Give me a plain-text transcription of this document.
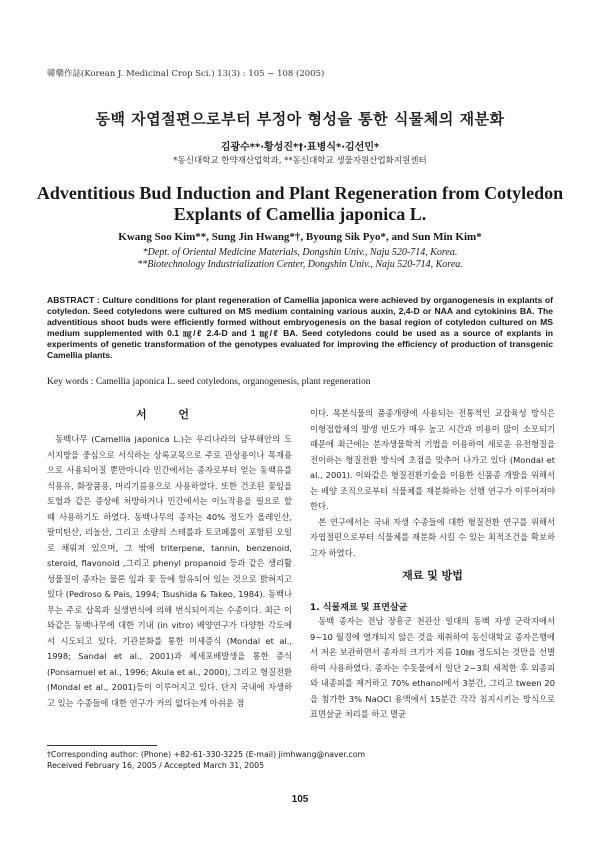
韓藥作誌(Korean J. Medicinal Crop Sci.) 13(3) : 105 − 108 (2005)
동백 자엽절편으로부터 부정아 형성을 통한 식물체의 재분화
김광수**·황성진*†·표병식*·김선민*
*동신대학교 한약재산업학과, **동신대학교 생물자원산업화지원센터
Adventitious Bud Induction and Plant Regeneration from Cotyledon
Explants of Camellia japonica L.
Kwang Soo Kim**, Sung Jin Hwang*†, Byoung Sik Pyo*, and Sun Min Kim*
*Dept. of Oriental Medicine Materials, Dongshin Univ., Naju 520-714, Korea.
**Biotechnology Industrialization Center, Dongshin Univ., Naju 520-714, Korea.
ABSTRACT : Culture conditions for plant regeneration of Camellia japonica were achieved by organogenesis in explants of cotyledon. Seed cotyledons were cultured on MS medium containing various auxin, 2,4-D or NAA and cytokinins BA. The adventitious shoot buds were efficiently formed without embryogenesis on the basal region of cotyledon cultured on MS medium supplemented with 0.1 ㎎/ℓ 2.4-D and 1 ㎎/ℓ BA. Seed cotyledons could be used as a source of explants in experiments of genetic transformation of the genotypes evaluated for improving the efficiency of production of transgenic Camellia plants.
Key words : Camellia japonica L. seed cotyledons, organogenesis, plant regeneration
서 언

동백나무 (Camellia japonica L.)는 우리나라의 남부해안의 도서지방을 중심으로 서식하는 상록교목으로 주로 관상용이나 목재용으로 사용되어질 뿐만아니라 민간에서는 종자로부터 얻는 동백유를 식용유, 화장품용, 머리기름용으로 사용하였다. 또한 건조된 꽃잎을 토혈과 같은 증상에 처방하거나 민간에서는 이뇨작용을 필요로 할 때 사용하기도 하였다. 동백나무의 종자는 40% 정도가 올레인산, 팔미틴산, 리놀산, 그리고 소량의 스테롤과 토코페롤이 포함된 오일로 채워져 있으며, 그 밖에 triterpene, tannin, benzenoid, steroid, flavonoid ,그리고 phenyl propanoid 등과 같은 생리활성물질이 종자는 물론 잎과 꽃 등에 함유되어 있는 것으로 밝혀지고 있다 (Pedroso & Pais, 1994; Tsushida & Takeo, 1984). 동백나무는 주로 삽목과 실생번식에 의해 번식되어지는 수종이다. 최근 이와같은 동백나무에 대한 기내 (in vitro) 배양연구가 다양한 각도에서 시도되고 있다. 기관분화를 통한 미세증식 (Mondal et al., 1998; Sandal et al., 2001)과 체세포배발생을 통한 증식 (Ponsamuel et al., 1996; Akula et al., 2000), 그리고 형질전환 (Mondal et al., 2001)등이 이루어지고 있다. 단지 국내에 자생하고 있는 수종들에 대한 연구가 거의 없다는게 아쉬운 점

이다. 목본식물의 품종개량에 사용되는 전통적인 교잡육성 방식은 이형접합체의 발생 빈도가 매우 높고 시간과 비용이 많이 소모되기 때문에 최근에는 분자생물학적 기법을 이용하여 새로운 유전형질을 전이하는 형질전환 방식에 초점을 맞추어 나가고 있다 (Mondal et al., 2001). 이와같은 형질전환기술을 이용한 신품종 개발을 위해서는 배양 조직으로부터 식물체를 재분화하는 선행 연구가 이루어져야 한다.

본 연구에서는 국내 자생 수종들에 대한 형질전환 연구를 위해서 자엽절편으로부터 식물체를 재분화 시킬 수 있는 최적조건을 확보하고자 하였다.

재료 및 방법
1. 식물재료 및 표면살균

동백 종자는 전남 장흥군 천관산 일대의 동백 자생 군락지에서 9~10 월경에 열개되지 않은 것을 채취하여 동신대학교 종자은행에서 저온 보관하면서 종자의 크기가 지름 10㎜ 정도되는 것만을 선별하여 사용하였다. 종자는 수돗물에서 일단 2~3회 세척한 후 외종피와 내종피를 제거하고 70% ethanol에서 3분간, 그리고 tween 20을 첨가한 3% NaOCl 용액에서 15분간 각각 침지시키는 방식으로 표면살균 처리를 하고 멸균

†Corresponding author: (Phone) +82-61-330-3225 (E-mail) jimhwang@naver.com
Received February 16, 2005 / Accepted March 31, 2005
105
